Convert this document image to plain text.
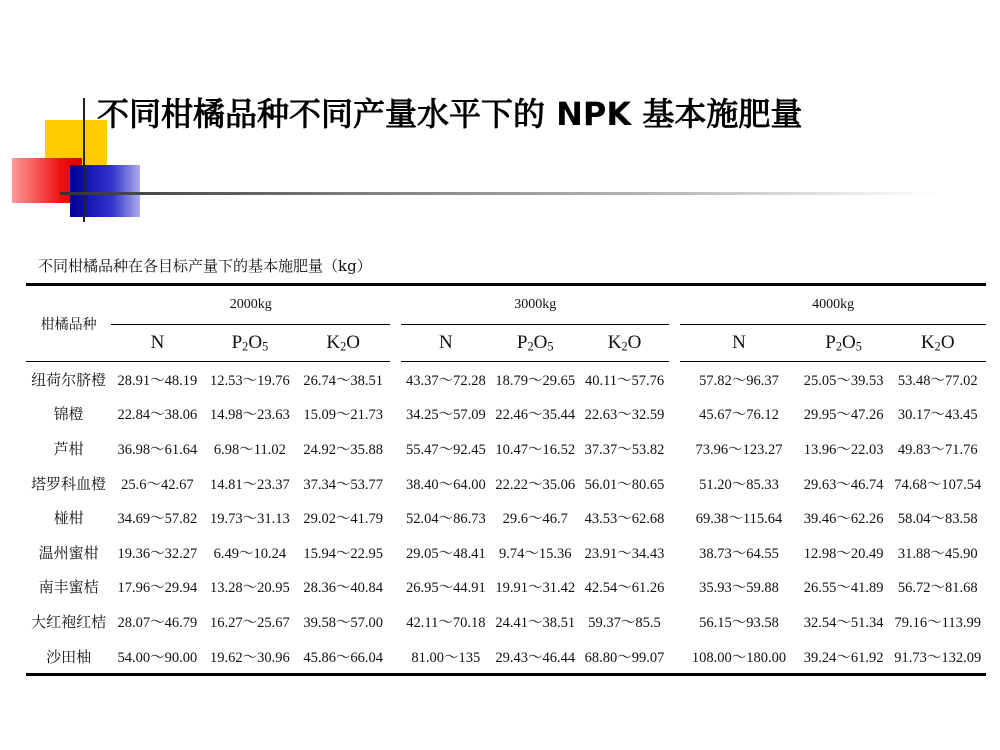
不同柑橘品种不同产量水平下的 NPK 基本施肥量
不同柑橘品种在各目标产量下的基本施肥量（kg）
柑橘品种	2000kg				3000kg				4000kg		
	N	$P_2O_5$	$K_2O$		N	$P_2O_5$	$K_2O$		N	$P_2O_5$	$K_2O$
纽荷尔脐橙	28.91～48.19	12.53～19.76	26.74～38.51		43.37～72.28	18.79～29.65	40.11～57.76		57.82～96.37	25.05～39.53	53.48～77.02
锦橙	22.84～38.06	14.98～23.63	15.09～21.73		34.25～57.09	22.46～35.44	22.63～32.59		45.67～76.12	29.95～47.26	30.17～43.45
芦柑	36.98～61.64	6.98～11.02	24.92～35.88		55.47～92.45	10.47～16.52	37.37～53.82		73.96～123.27	13.96～22.03	49.83～71.76
塔罗科血橙	25.6～42.67	14.81～23.37	37.34～53.77		38.40～64.00	22.22～35.06	56.01～80.65		51.20～85.33	29.63～46.74	74.68～107.54
椪柑	34.69～57.82	19.73～31.13	29.02～41.79		52.04～86.73	29.6～46.7	43.53～62.68		69.38～115.64	39.46～62.26	58.04～83.58
温州蜜柑	19.36～32.27	6.49～10.24	15.94～22.95		29.05～48.41	9.74～15.36	23.91～34.43		38.73～64.55	12.98～20.49	31.88～45.90
南丰蜜桔	17.96～29.94	13.28～20.95	28.36～40.84		26.95～44.91	19.91～31.42	42.54～61.26		35.93～59.88	26.55～41.89	56.72～81.68
大红袍红桔	28.07～46.79	16.27～25.67	39.58～57.00		42.11～70.18	24.41～38.51	59.37～85.5		56.15～93.58	32.54～51.34	79.16～113.99
沙田柚	54.00～90.00	19.62～30.96	45.86～66.04		81.00～135	29.43～46.44	68.80～99.07		108.00～180.00	39.24～61.92	91.73～132.09
